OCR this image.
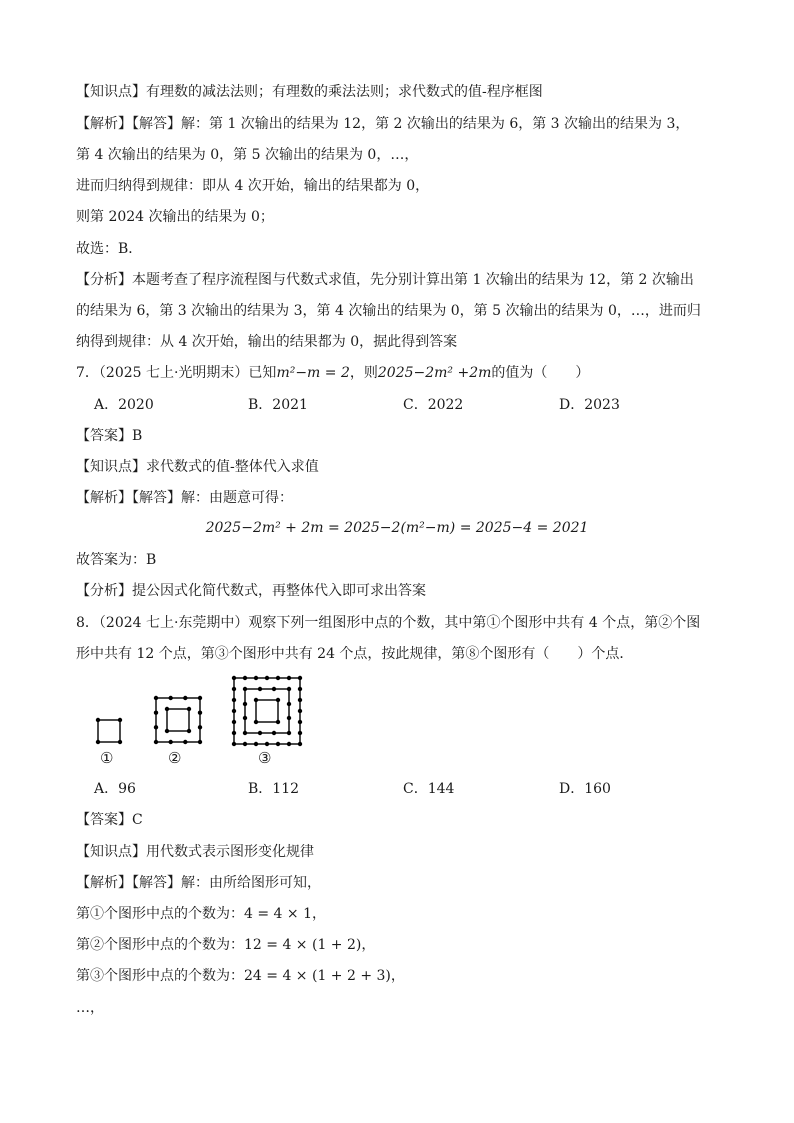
【知识点】有理数的减法法则；有理数的乘法法则；求代数式的值-程序框图
【解析】【解答】解：第 1 次输出的结果为 12，第 2 次输出的结果为 6，第 3 次输出的结果为 3，
第 4 次输出的结果为 0，第 5 次输出的结果为 0，…，
进而归纳得到规律：即从 4 次开始，输出的结果都为 0，
则第 2024 次输出的结果为 0；
故选：B．
【分析】本题考查了程序流程图与代数式求值，先分别计算出第 1 次输出的结果为 12，第 2 次输出
的结果为 6，第 3 次输出的结果为 3，第 4 次输出的结果为 0，第 5 次输出的结果为 0，…，进而归
纳得到规律：从 4 次开始，输出的结果都为 0，据此得到答案
7．（2025 七上·光明期末）已知m²−m = 2，则2025−2m² +2m的值为（　　）
A．2020	B．2021	C．2022	D．2023
【答案】B
【知识点】求代数式的值-整体代入求值
【解析】【解答】解：由题意可得：
2025−2m² + 2m = 2025−2(m²−m) = 2025−4 = 2021
故答案为：B
【分析】提公因式化简代数式，再整体代入即可求出答案
8．（2024 七上·东莞期中）观察下列一组图形中点的个数，其中第①个图形中共有 4 个点，第②个图
形中共有 12 个点，第③个图形中共有 24 个点，按此规律，第⑧个图形有（　　）个点．
①	②	③
A．96	B．112	C．144	D．160
【答案】C
【知识点】用代数式表示图形变化规律
【解析】【解答】解：由所给图形可知，
第①个图形中点的个数为：4 = 4 × 1，
第②个图形中点的个数为：12 = 4 × (1 + 2)，
第③个图形中点的个数为：24 = 4 × (1 + 2 + 3)，
…，
